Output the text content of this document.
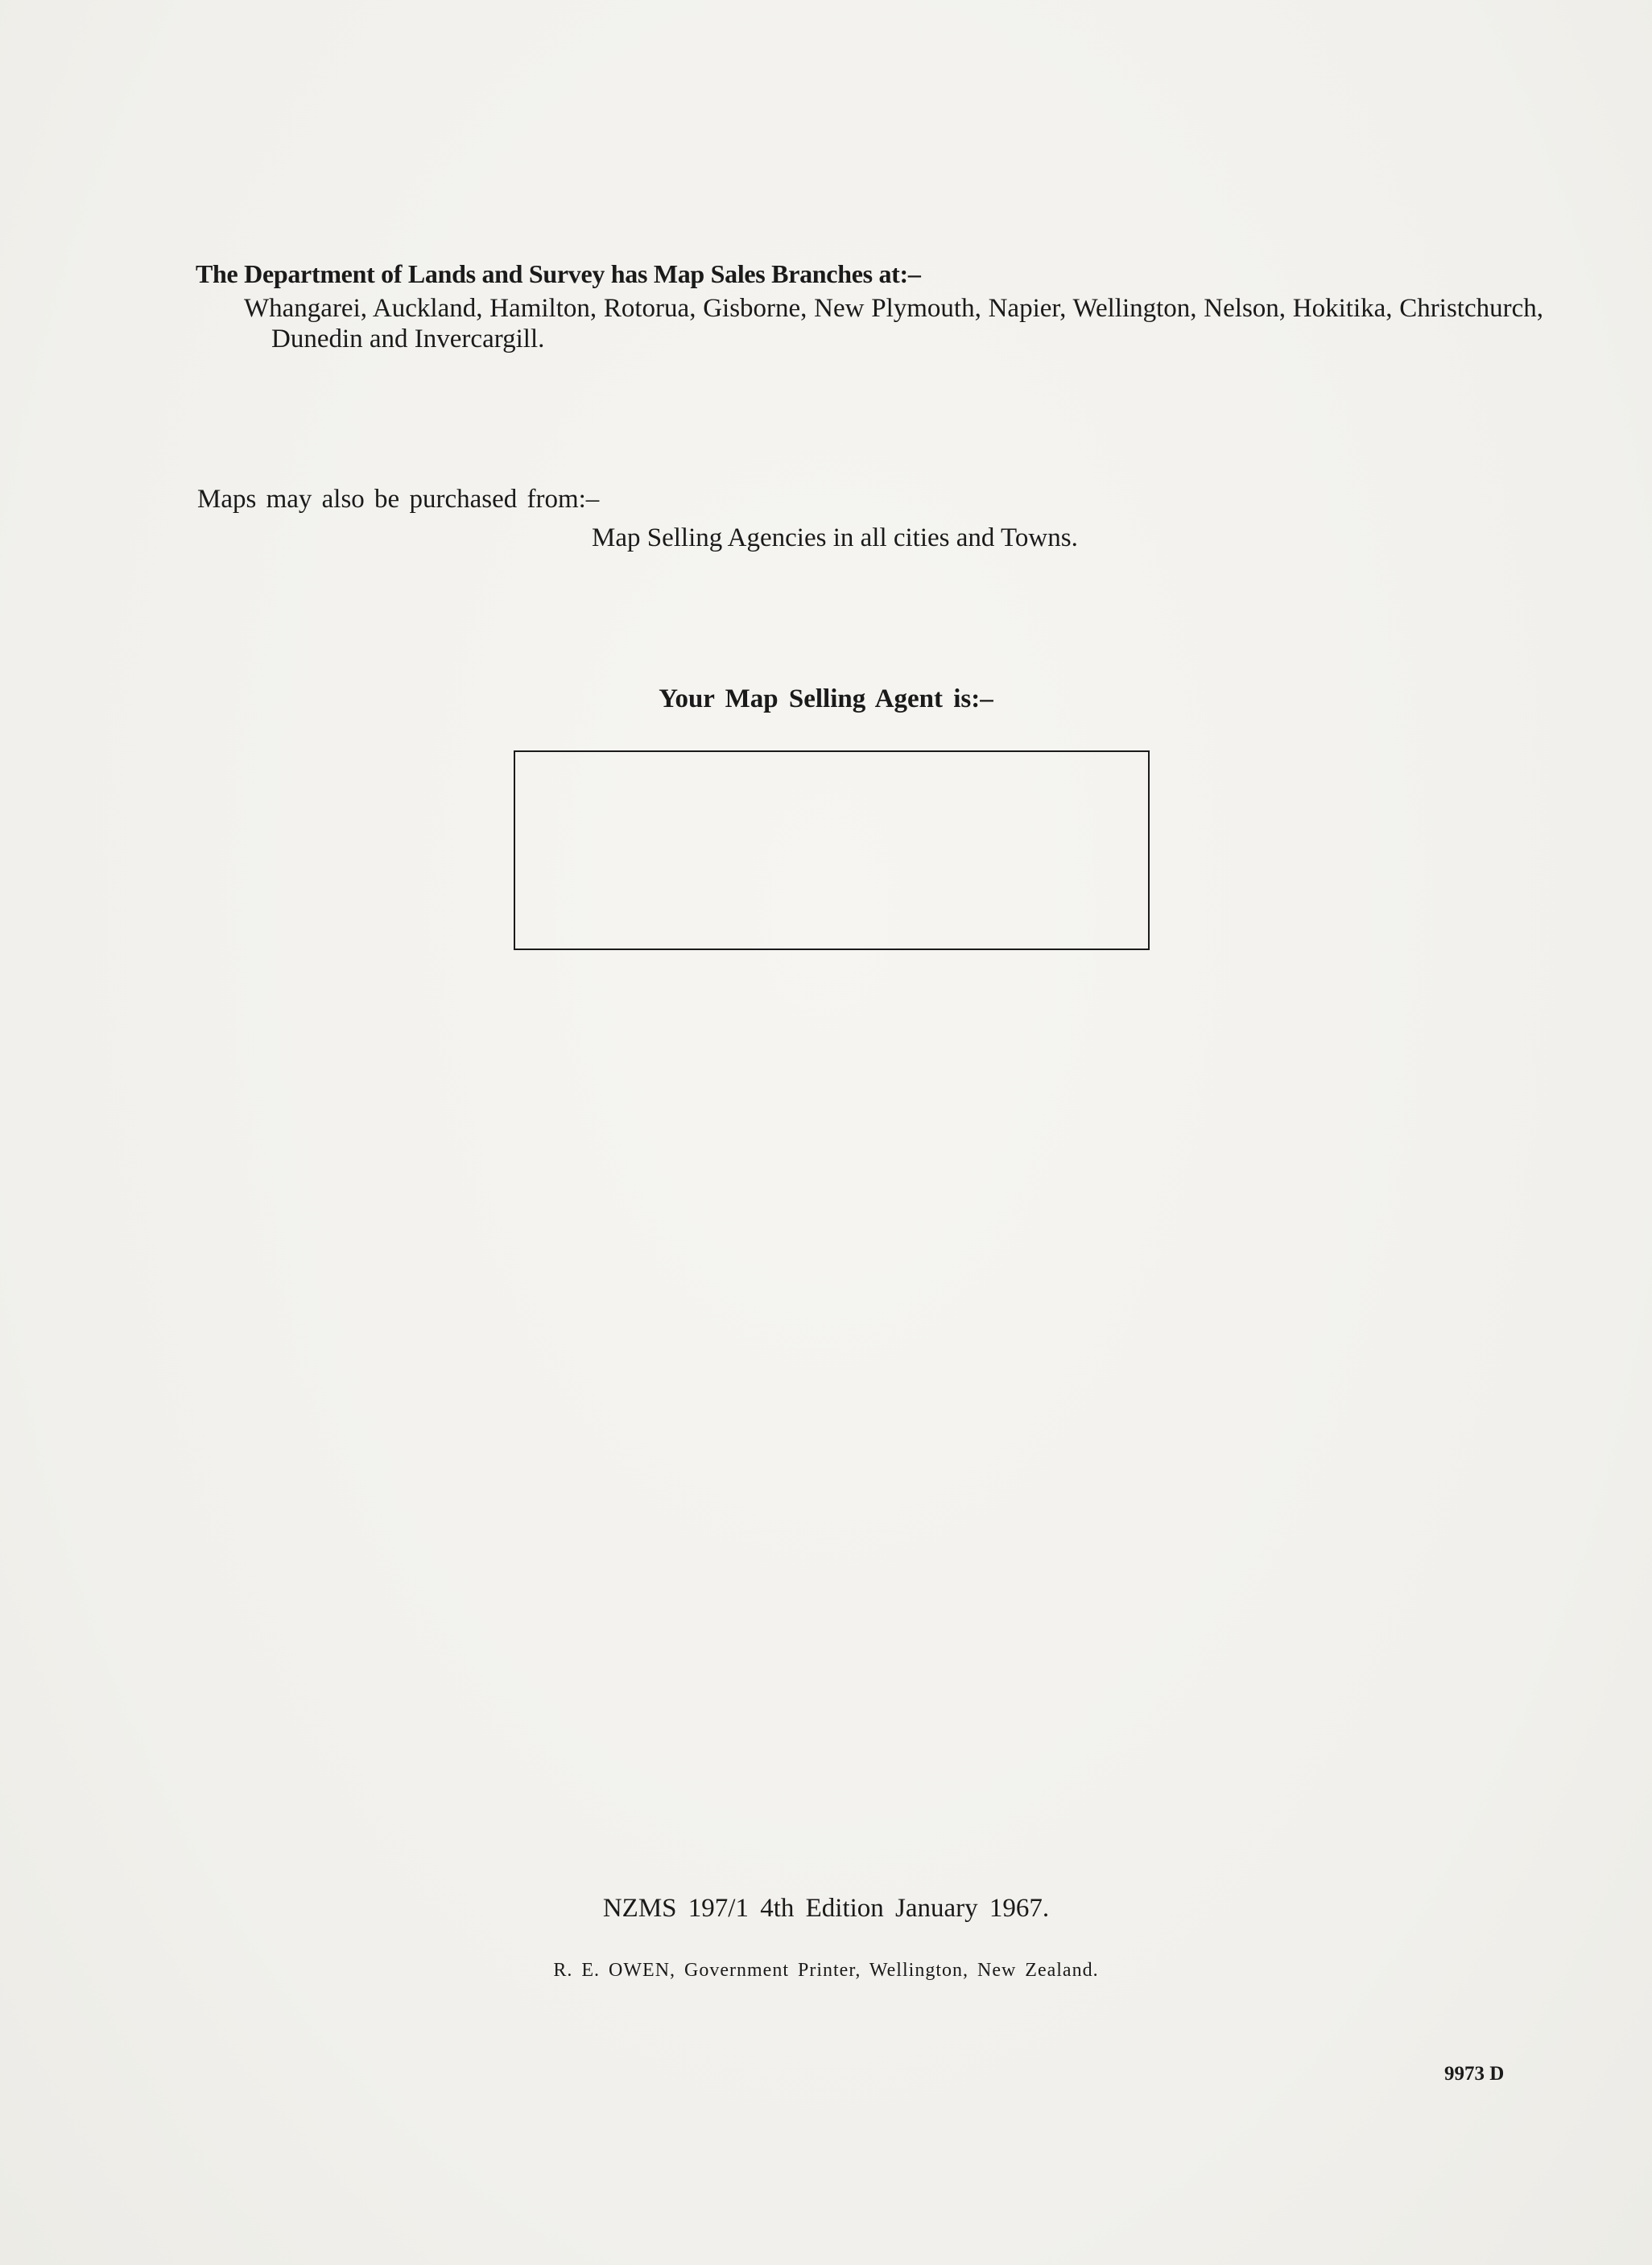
The Department of Lands and Survey has Map Sales Branches at:–
Whangarei, Auckland, Hamilton, Rotorua, Gisborne, New Plymouth, Napier, Wellington, Nelson, Hokitika, Christchurch, Dunedin and Invercargill.
Maps may also be purchased from:–
Map Selling Agencies in all cities and Towns.
Your Map Selling Agent is:–
NZMS 197/1 4th Edition January 1967.
R. E. OWEN, Government Printer, Wellington, New Zealand.
9973 D
